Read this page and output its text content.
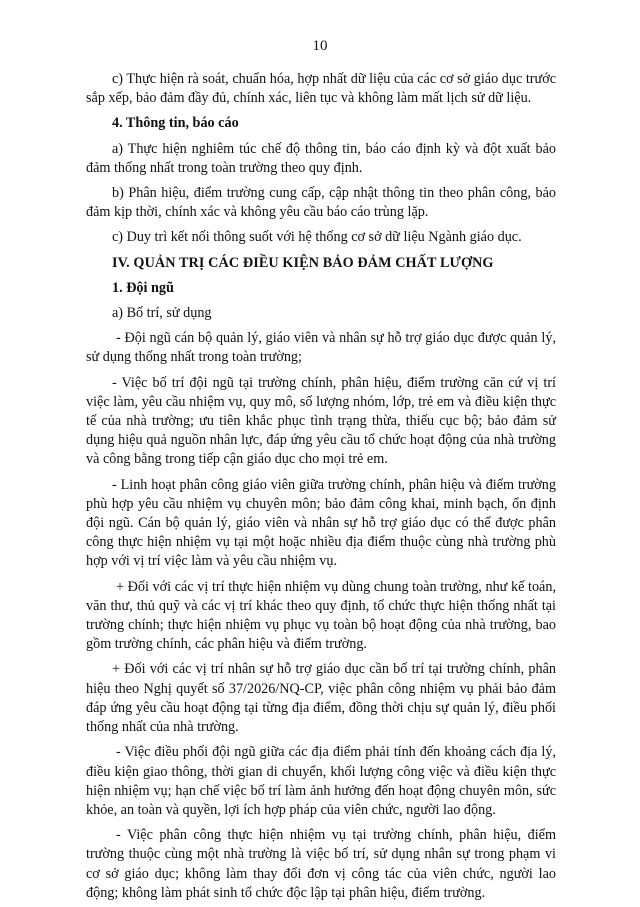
10

c) Thực hiện rà soát, chuẩn hóa, hợp nhất dữ liệu của các cơ sở giáo dục trước sắp xếp, bảo đảm đầy đủ, chính xác, liên tục và không làm mất lịch sử dữ liệu.

4. Thông tin, báo cáo

a) Thực hiện nghiêm túc chế độ thông tin, báo cáo định kỳ và đột xuất bảo đảm thống nhất trong toàn trường theo quy định.

b) Phân hiệu, điểm trường cung cấp, cập nhật thông tin theo phân công, bảo đảm kịp thời, chính xác và không yêu cầu báo cáo trùng lặp.

c) Duy trì kết nối thông suốt với hệ thống cơ sở dữ liệu Ngành giáo dục.

IV. QUẢN TRỊ CÁC ĐIỀU KIỆN BẢO ĐẢM CHẤT LƯỢNG

1. Đội ngũ

a) Bố trí, sử dụng

- Đội ngũ cán bộ quản lý, giáo viên và nhân sự hỗ trợ giáo dục được quản lý, sử dụng thống nhất trong toàn trường;

- Việc bố trí đội ngũ tại trường chính, phân hiệu, điểm trường căn cứ vị trí việc làm, yêu cầu nhiệm vụ, quy mô, số lượng nhóm, lớp, trẻ em và điều kiện thực tế của nhà trường; ưu tiên khắc phục tình trạng thừa, thiếu cục bộ; bảo đảm sử dụng hiệu quả nguồn nhân lực, đáp ứng yêu cầu tổ chức hoạt động của nhà trường và công bằng trong tiếp cận giáo dục cho mọi trẻ em.

- Linh hoạt phân công giáo viên giữa trường chính, phân hiệu và điểm trường phù hợp yêu cầu nhiệm vụ chuyên môn; bảo đảm công khai, minh bạch, ổn định đội ngũ. Cán bộ quản lý, giáo viên và nhân sự hỗ trợ giáo dục có thể được phân công thực hiện nhiệm vụ tại một hoặc nhiều địa điểm thuộc cùng nhà trường phù hợp với vị trí việc làm và yêu cầu nhiệm vụ.

+ Đối với các vị trí thực hiện nhiệm vụ dùng chung toàn trường, như kế toán, văn thư, thủ quỹ và các vị trí khác theo quy định, tổ chức thực hiện thống nhất tại trường chính; thực hiện nhiệm vụ phục vụ toàn bộ hoạt động của nhà trường, bao gồm trường chính, các phân hiệu và điểm trường.

+ Đối với các vị trí nhân sự hỗ trợ giáo dục cần bố trí tại trường chính, phân hiệu theo Nghị quyết số 37/2026/NQ-CP, việc phân công nhiệm vụ phải bảo đảm đáp ứng yêu cầu hoạt động tại từng địa điểm, đồng thời chịu sự quản lý, điều phối thống nhất của nhà trường.

- Việc điều phối đội ngũ giữa các địa điểm phải tính đến khoảng cách địa lý, điều kiện giao thông, thời gian di chuyển, khối lượng công việc và điều kiện thực hiện nhiệm vụ; hạn chế việc bố trí làm ảnh hưởng đến hoạt động chuyên môn, sức khỏe, an toàn và quyền, lợi ích hợp pháp của viên chức, người lao động.

- Việc phân công thực hiện nhiệm vụ tại trường chính, phân hiệu, điểm trường thuộc cùng một nhà trường là việc bố trí, sử dụng nhân sự trong phạm vi cơ sở giáo dục; không làm thay đổi đơn vị công tác của viên chức, người lao động; không làm phát sinh tổ chức độc lập tại phân hiệu, điểm trường.
